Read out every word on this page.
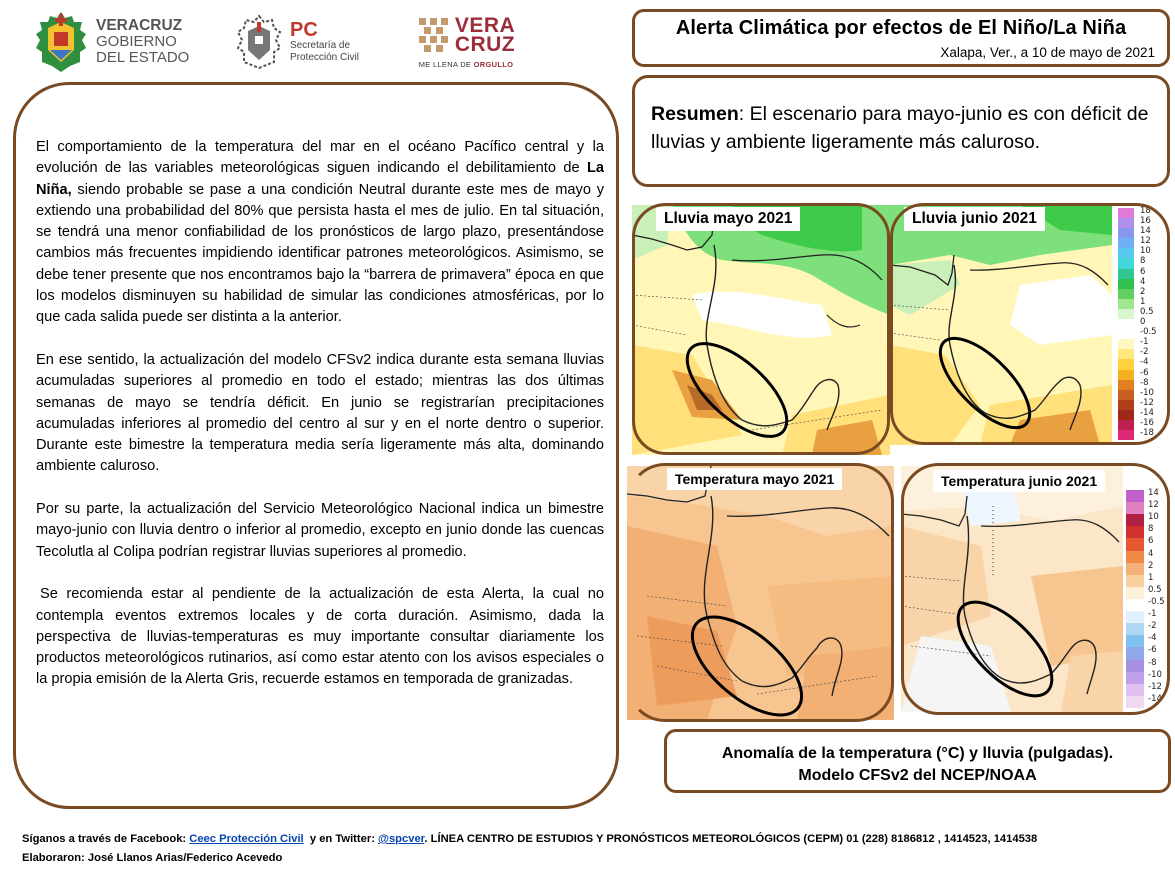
VERACRUZ
GOBIERNO
DEL ESTADO
PC
Secretaría de
Protección Civil
VERA
CRUZ
ME LLENA DE ORGULLO
Alerta Climática por efectos de El Niño/La Niña
Xalapa, Ver., a 10 de mayo de 2021
Resumen: El escenario para mayo-junio es con déficit de lluvias y ambiente ligeramente más caluroso.

El comportamiento de la temperatura del mar en el océano Pacífico central y la evolución de las variables meteorológicas siguen indicando el debilitamiento de La Niña, siendo probable se pase a una condición Neutral durante este mes de mayo y extiendo una probabilidad del 80% que persista hasta el mes de julio. En tal situación, se tendrá una menor confiabilidad de los pronósticos de largo plazo, presentándose cambios más frecuentes impidiendo identificar patrones meteorológicos. Asimismo, se debe tener presente que nos encontramos bajo la “barrera de primavera” época en que los modelos disminuyen su habilidad de simular las condiciones atmosféricas, por lo que cada salida puede ser distinta a la anterior.

En ese sentido, la actualización del modelo CFSv2 indica durante esta semana lluvias acumuladas superiores al promedio en todo el estado; mientras las dos últimas semanas de mayo se tendría déficit. En junio se registrarían precipitaciones acumuladas inferiores al promedio del centro al sur y en el norte dentro o superior. Durante este bimestre la temperatura media sería ligeramente más alta, dominando ambiente caluroso.

Por su parte, la actualización del Servicio Meteorológico Nacional indica un bimestre mayo-junio con lluvia dentro o inferior al promedio, excepto en junio donde las cuencas Tecolutla al Colipa podrían registrar lluvias superiores al promedio.

Se recomienda estar al pendiente de la actualización de esta Alerta, la cual no contempla eventos extremos locales y de corta duración. Asimismo, dada la perspectiva de lluvias-temperaturas es muy importante consultar diariamente los productos meteorológicos rutinarios, así como estar atento con los avisos especiales o la propia emisión de la Alerta Gris, recuerde estamos en temporada de granizadas.

Lluvia mayo 2021	Lluvia junio 2021	18
16
14
12
10
8
6
4
2
1
0.5
0
-0.5
-1
-2
-4
-6
-8
-10
-12
-14
-16
-18
Temperatura mayo 2021	Temperatura junio 2021
14
12
10
8
6
4
2
1
0.5
-0.5
-1
-2
-4
-6
-8
-10
-12
-14
Anomalía de la temperatura (°C) y lluvia (pulgadas).
Modelo CFSv2 del NCEP/NOAA
Síganos a través de Facebook: Ceec Protección Civil  y en Twitter: @spcver. LÍNEA CENTRO DE ESTUDIOS Y PRONÓSTICOS METEOROLÓGICOS (CEPM) 01 (228) 8186812 , 1414523, 1414538
Elaboraron: José Llanos Arias/Federico Acevedo
